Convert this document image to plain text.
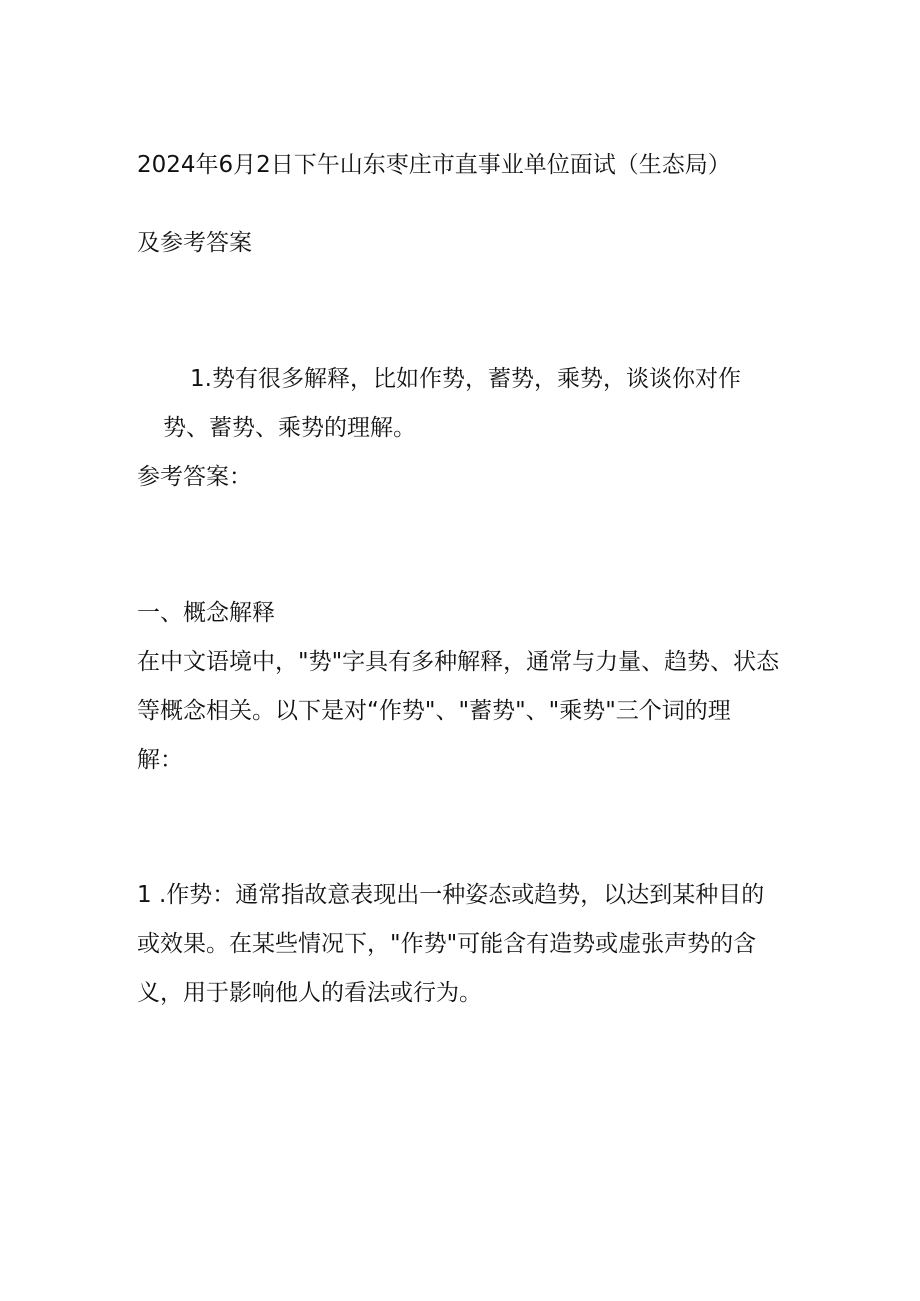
2024年6月2日下午山东枣庄市直事业单位面试（生态局）
及参考答案
1.势有很多解释，比如作势，蓄势，乘势，谈谈你对作
势、蓄势、乘势的理解。
参考答案：
一、概念解释
在中文语境中，"势"字具有多种解释，通常与力量、趋势、状态
等概念相关。以下是对“作势"、"蓄势"、"乘势"三个词的理
解：
1 .作势：通常指故意表现出一种姿态或趋势，以达到某种目的
或效果。在某些情况下，"作势"可能含有造势或虚张声势的含
义，用于影响他人的看法或行为。
